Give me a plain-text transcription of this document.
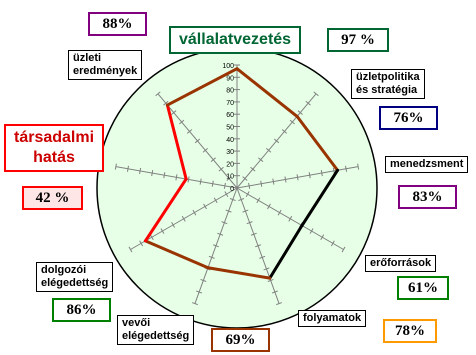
100
90
80
70
60
50
40
30
20
10
0
vállalatvezetés
üzletpolitika
és stratégia
menedzsment
erőforrások
folyamatok
vevői
elégedettség
dolgozói
elégedettség
társadalmi
hatás
üzleti
eredmények
97 %
76%
83%
61%
78%
69%
86%
42 %
88%
